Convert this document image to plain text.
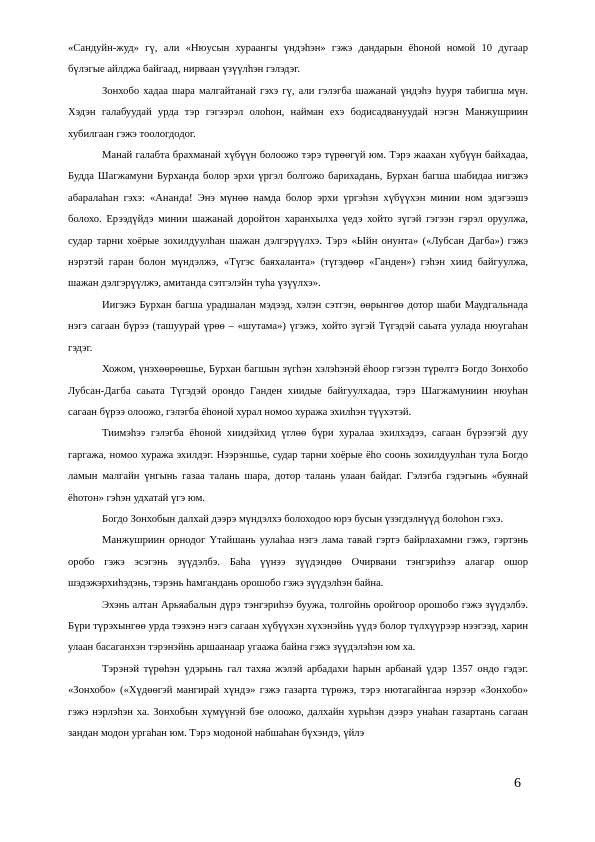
«Сандуйн-жуд» гү, али «Нюусын хураангы үндэһэн» гэжэ дандарын ёһоной номой 10 дугаар бүлэгые айлджа байгаад, нирваан үзүүлһэн гэлэдэг.

Зонхобо хадаа шара малгайтанай гэхэ гү, али гэлэгба шажанай үндэһэ һууря табигша мүн. Хэдэн галабуудай урда тэр гэгээрэл олоһон, найман ехэ бодисадвануудай нэгэн Манжушриин хубилгаан гэжэ тоологдодог.

Манай галабта брахманай хүбүүн болоожо тэрэ түрөөгүй юм. Тэрэ жаахан хүбүүн байхадаа, Будда Шагжамуни Бурханда болор эрхи үргэл болгожо барихадань, Бурхан багша шабидаа иигэжэ абаралаһан гэхэ: «Ананда! Энэ мүнөө намда болор эрхи үргэһэн хүбүүхэн минии ном эдэгээшэ болохо. Ерээдүйдэ минии шажанай доройтон харанхылха үедэ хойто зүгэй гэгээн гэрэл оруулжа, судар тарни хоёрые зохилдуулһан шажан дэлгэрүүлхэ. Тэрэ «Ыйн онунта» («Лубсан Дагба») гэжэ нэрэтэй гаран болон мүндэлжэ, «Түгэс баяхаланта» (түгэдөөр «Ганден») гэһэн хиид байгуулжа, шажан дэлгэрүүлжэ, амитанда сэтгэлэйн туһа үзүүлхэ».

Иигэжэ Бурхан багша урадшалан мэдээд, хэлэн сэтгэн, өөрынгөө дотор шаби Маудгальнада нэгэ сагаан бүрээ (ташуурай үрөө – «шутама») үгэжэ, хойто зүгэй Түгэдэй саьата уулада нюугаһан гэдэг.

Хожом, үнэхөөрөөшье, Бурхан багшын зүгһэн хэлэһэнэй ёһоор гэгээн түрөлтэ Богдо Зонхобо Лубсан-Дагба саьата Түгэдэй орондо Ганден хиидые байгуулхадаа, тэрэ Шагжамуниин нюуһан сагаан бүрээ олоожо, гэлэгба ёһоной хурал номоо хуража эхилһэн түүхэтэй.

Тиимэһээ гэлэгба ёһоной хиидэйхид үглөө бүри хуралаа эхилхэдээ, сагаан бүрээгэй дуу гаргажа, номоо хуража эхилдэг. Нээрэншье, судар тарни хоёрые ёһо соонь зохилдуулһан тула Богдо ламын малгайн үнгынь газаа талань шара, дотор талань улаан байдаг. Гэлэгба гэдэгынь «буянай ёһотон» гэһэн удхатай үгэ юм.

Богдо Зонхобын далхай дээрэ мүндэлхэ болоходоо юрэ бусын үзэгдэлнүүд болоһон гэхэ.

Манжушриин орнодог Үтайшань уулаһаа нэгэ лама тавай гэртэ байрлахамни гэжэ, гэртэнь оробо гэжэ эсэгэнь зүүдэлбэ. Баһа үүнээ зүүдэндөө Очирвани тэнгэриһээ алагар ошор шэдэжэрхиһэдэнь, тэрэнь һамгандань орошобо гэжэ зүүдэлһэн байна.

Эхэнь алтан Арьяабалын дүрэ тэнгэриһээ буужа, толгойнь оройгоор орошобо гэжэ зүүдэлбэ. Бүри түрэхынгөө урда тээхэнэ нэгэ сагаан хүбүүхэн хүхэнэйнь үүдэ болор түлхүүрээр нээгээд, харин улаан басаганхэн тэрэнэйнь аршаанаар угаажа байна гэжэ зүүдэлэһэн юм ха.

Тэрэнэй түрөһэн үдэрынь гал тахяа жэлэй арбадахи һарын арбанай үдэр 1357 ондо гэдэг. «Зонхобо» («Хүдөөгэй мангирай хүндэ» гэжэ газарта түрөжэ, тэрэ нютагайнгаа нэрээр «Зонхобо» гэжэ нэрлэһэн ха. Зонхобын хүмүүнэй бэе олоожо, далхайн хүрьһэн дээрэ унаһан газартань сагаан зандан модон ургаһан юм. Тэрэ модоной набшаһан бүхэндэ, үйлэ

6
